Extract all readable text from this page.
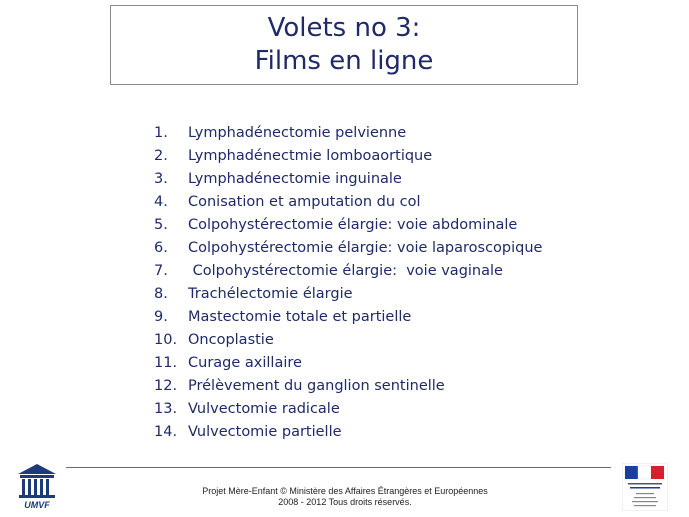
Volets no 3:
Films en ligne
1.	Lymphadénectomie pelvienne
2.	Lymphadénectmie lomboaortique
3.	Lymphadénectomie inguinale
4.	Conisation et amputation du col
5.	Colpohystérectomie élargie: voie abdominale
6.	Colpohystérectomie élargie: voie laparoscopique
7.	Colpohystérectomie élargie:  voie vaginale
8.	Trachélectomie élargie
9.	Mastectomie totale et partielle
10. Oncoplastie
11. Curage axillaire
12. Prélèvement du ganglion sentinelle
13. Vulvectomie radicale
14. Vulvectomie partielle
UMVF
Projet Mère-Enfant © Ministère des Affaires Étrangères et Européennes
2008 - 2012 Tous droits réservés.
